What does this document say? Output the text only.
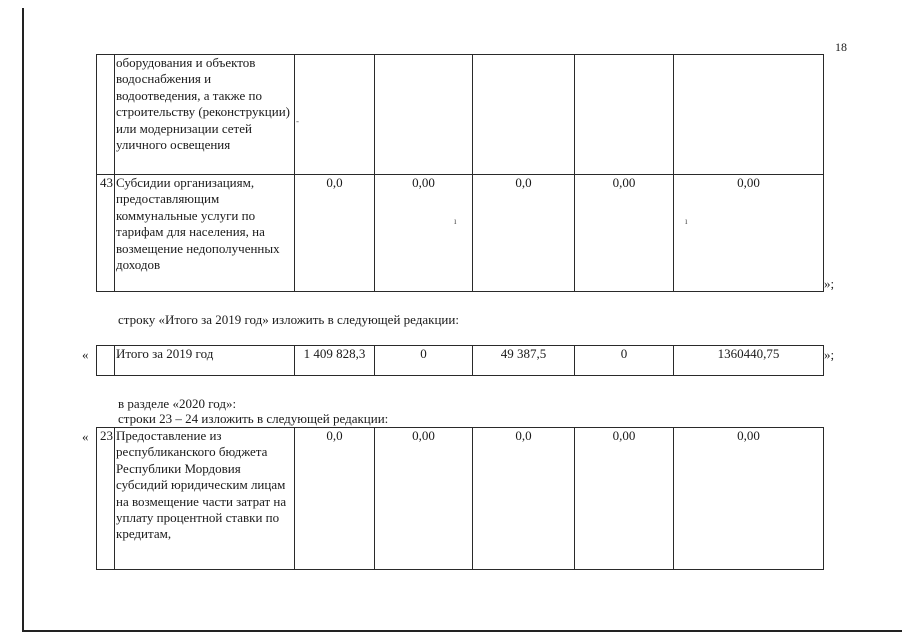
18
	оборудования и объектов водоснабжения и водоотведения, а также по строительству (реконструкции) или модернизации сетей уличного освещения					
43	Субсидии организациям, предоставляющим коммунальные услуги по тарифам для населения, на возмещение недополученных доходов	0,0	0,00	0,0	0,00	0,00
»;
-
ı	ı
строку «Итого за 2019 год» изложить в следующей редакции:
«
	Итого за 2019 год	1 409 828,3	0	49 387,5	0	1360440,75	»;
в разделе «2020 год»:
строки 23 – 24 изложить в следующей редакции:
« 23	Предоставление из республиканского бюджета Республики Мордовия субсидий юридическим лицам на возмещение части затрат на уплату процентной ставки по кредитам,	0,0	0,00	0,0	0,00	0,00
